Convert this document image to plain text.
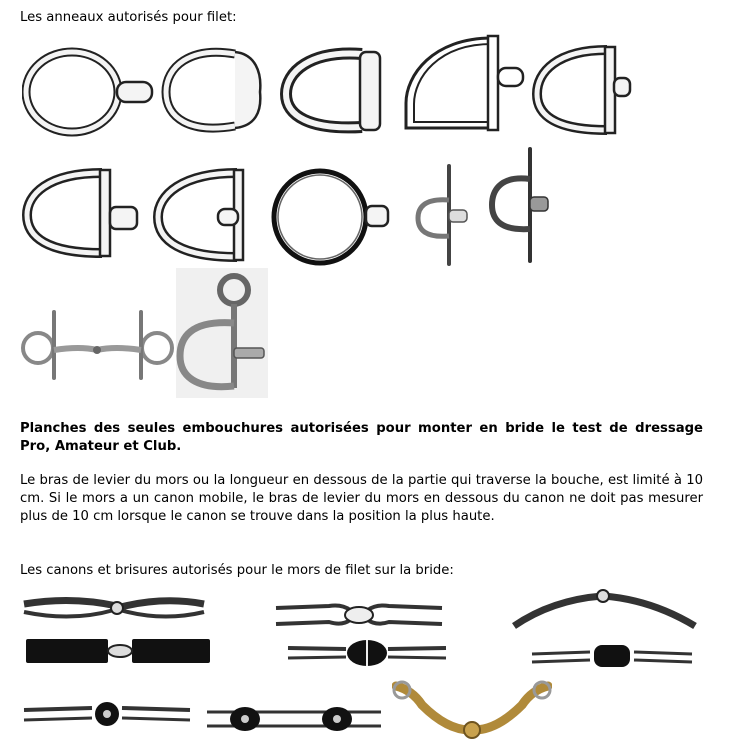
Les anneaux autorisés pour filet:
Planches des seules embouchures autorisées pour monter en bride le test de dressage Pro, Amateur et Club.
Le bras de levier du mors ou la longueur en dessous de la partie qui traverse la bouche, est limité à 10 cm. Si le mors a un canon mobile, le bras de levier du mors en dessous du canon ne doit pas mesurer plus de 10 cm lorsque le canon se trouve dans la position la plus haute.
Les canons et brisures autorisés pour le mors de filet sur la bride:
